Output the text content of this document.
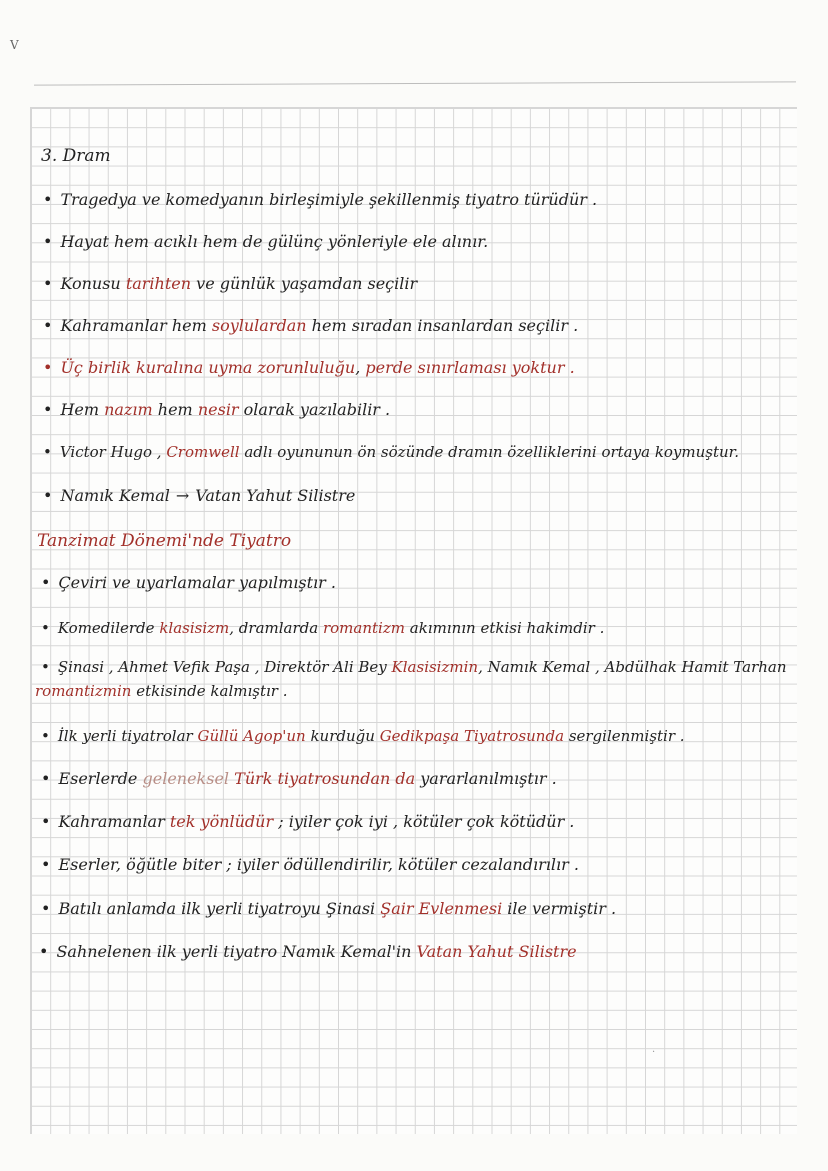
V
3. Dram
• Tragedya ve komedyanın birleşimiyle şekillenmiş tiyatro türüdür .
• Hayat hem acıklı hem de gülünç yönleriyle ele alınır.
• Konusu tarihten ve günlük yaşamdan seçilir
• Kahramanlar hem soylulardan hem sıradan insanlardan seçilir .
• Üç birlik kuralına uyma zorunluluğu, perde sınırlaması yoktur .
• Hem nazım hem nesir olarak yazılabilir .
• Victor Hugo , Cromwell adlı oyununun ön sözünde dramın özelliklerini ortaya koymuştur.
• Namık Kemal → Vatan Yahut Silistre
Tanzimat Dönemi'nde Tiyatro
• Çeviri ve uyarlamalar yapılmıştır .
• Komedilerde klasisizm, dramlarda romantizm akımının etkisi hakimdir .
• Şinasi , Ahmet Vefik Paşa , Direktör Ali Bey Klasisizmin, Namık Kemal , Abdülhak Hamit Tarhan
romantizmin etkisinde kalmıştır .
• İlk yerli tiyatrolar Güllü Agop'un kurduğu Gedikpaşa Tiyatrosunda sergilenmiştir .
• Eserlerde geleneksel Türk tiyatrosundan da yararlanılmıştır .
• Kahramanlar tek yönlüdür ; iyiler çok iyi , kötüler çok kötüdür .
• Eserler, öğütle biter ; iyiler ödüllendirilir, kötüler cezalandırılır .
• Batılı anlamda ilk yerli tiyatroyu Şinasi Şair Evlenmesi ile vermiştir .
• Sahnelenen ilk yerli tiyatro Namık Kemal'in Vatan Yahut Silistre
·
